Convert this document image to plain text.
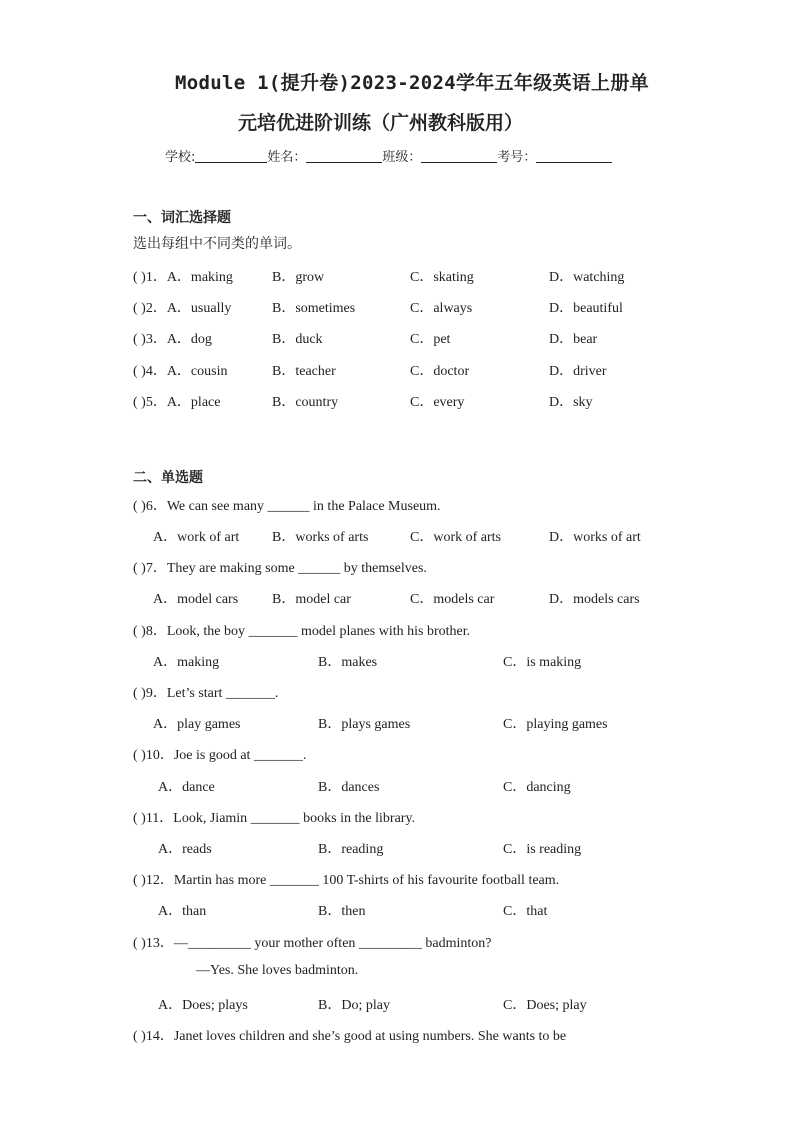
Module 1(提升卷)2023-2024学年五年级英语上册单
元培优进阶训练（广州教科版用）
学校:	姓名：	班级：	考号：
一、词汇选择题
选出每组中不同类的单词。
( )1．A．making	B．grow	C．skating	D．watching
( )2．A．usually	B．sometimes	C．always	D．beautiful
( )3．A．dog	B．duck	C．pet	D．bear
( )4．A．cousin	B．teacher	C．doctor	D．driver
( )5．A．place	B．country	C．every	D．sky
二、单选题
( )6．We can see many ______ in the Palace Museum.
A．work of art B．works of arts	C．work of arts	D．works of art
( )7．They are making some ______ by themselves.
A．model cars B．model car	C．models car	D．models cars
( )8．Look, the boy _______ model planes with his brother.
A．making	B．makes	C．is making
( )9．Let’s start _______.
A．play games	B．plays games	C．playing games
( )10．Joe is good at _______.
A．dance	B．dances	C．dancing
( )11．Look, Jiamin _______ books in the library.
A．reads	B．reading	C．is reading
( )12．Martin has more _______ 100 T-shirts of his favourite football team.
A．than	B．then	C．that
( )13．—_________ your mother often _________ badminton?
—Yes. She loves badminton.
A．Does; plays	B．Do; play	C．Does; play
( )14．Janet loves children and she’s good at using numbers. She wants to be
